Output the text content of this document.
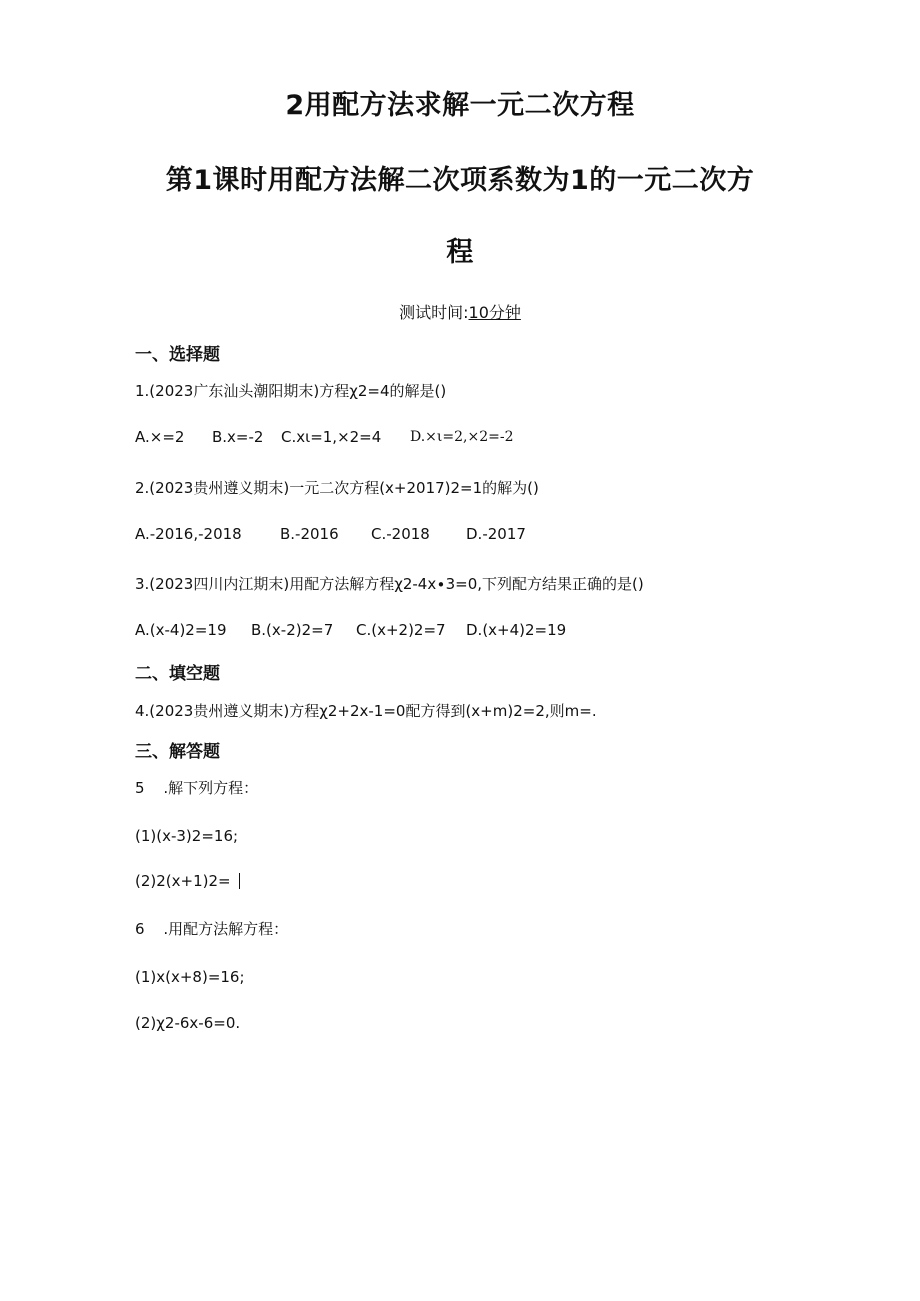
2用配方法求解一元二次方程
第1课时用配方法解二次项系数为1的一元二次方
程
测试时间:10分钟
一、选择题
1.(2023广东汕头潮阳期末)方程χ2=4的解是()
A.×=2 B.x=-2 C.xι=1,×2=4 D.×ι=2,×2=-2
2.(2023贵州遵义期末)一元二次方程(x+2017)2=1的解为()
A.-2016,-2018	B.-2016 C.-2018 D.-2017
3.(2023四川内江期末)用配方法解方程χ2-4x∙3=0,下列配方结果正确的是()
A.(x-4)2=19 B.(x-2)2=7 C.(x+2)2=7 D.(x+4)2=19
二、填空题
4.(2023贵州遵义期末)方程χ2+2x-1=0配方得到(x+m)2=2,则m=.
三、解答题
5 .解下列方程：
(1)(x-3)2=16;
(2)2(x+1)2=
6 .用配方法解方程：
(1)x(x+8)=16;
(2)χ2-6x-6=0.
